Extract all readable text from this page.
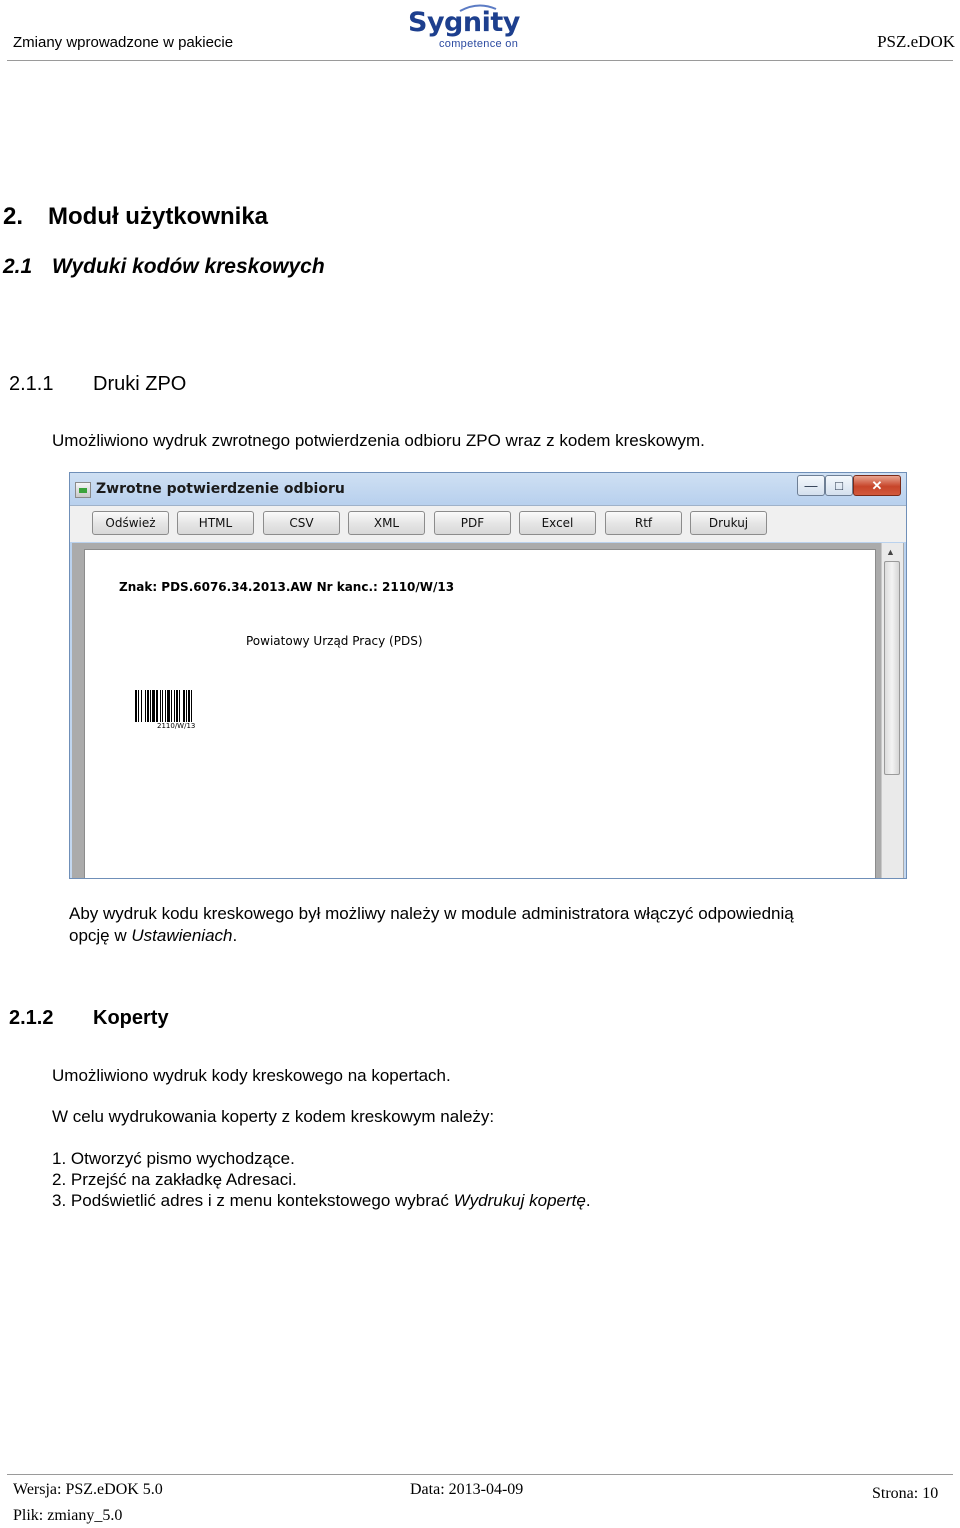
Zmiany wprowadzone w pakiecie
Sygnity
competence on	PSZ.eDOK
2. Moduł użytkownika
2.1 Wyduki kodów kreskowych
2.1.1 Druki ZPO

Umożliwiono wydruk zwrotnego potwierdzenia odbioru ZPO wraz z kodem kreskowym.

Zwrotne potwierdzenie odbioru	—	□	✕
Odśwież	HTML	CSV	XML	PDF	Excel	Rtf	Drukuj
Znak: PDS.6076.34.2013.AW Nr kanc.: 2110/W/13
Powiatowy Urząd Pracy (PDS)
2110/W/13
▲

Aby wydruk kodu kreskowego był możliwy należy w module administratora włączyć odpowiednią

opcję w Ustawieniach.

2.1.2 Koperty

Umożliwiono wydruk kody kreskowego na kopertach.

W celu wydrukowania koperty z kodem kreskowym należy:

1. Otworzyć pismo wychodzące.

2. Przejść na zakładkę Adresaci.

3. Podświetlić adres i z menu kontekstowego wybrać Wydrukuj kopertę.

Wersja: PSZ.eDOK 5.0	Data: 2013-04-09	Strona: 10
Plik: zmiany_5.0
